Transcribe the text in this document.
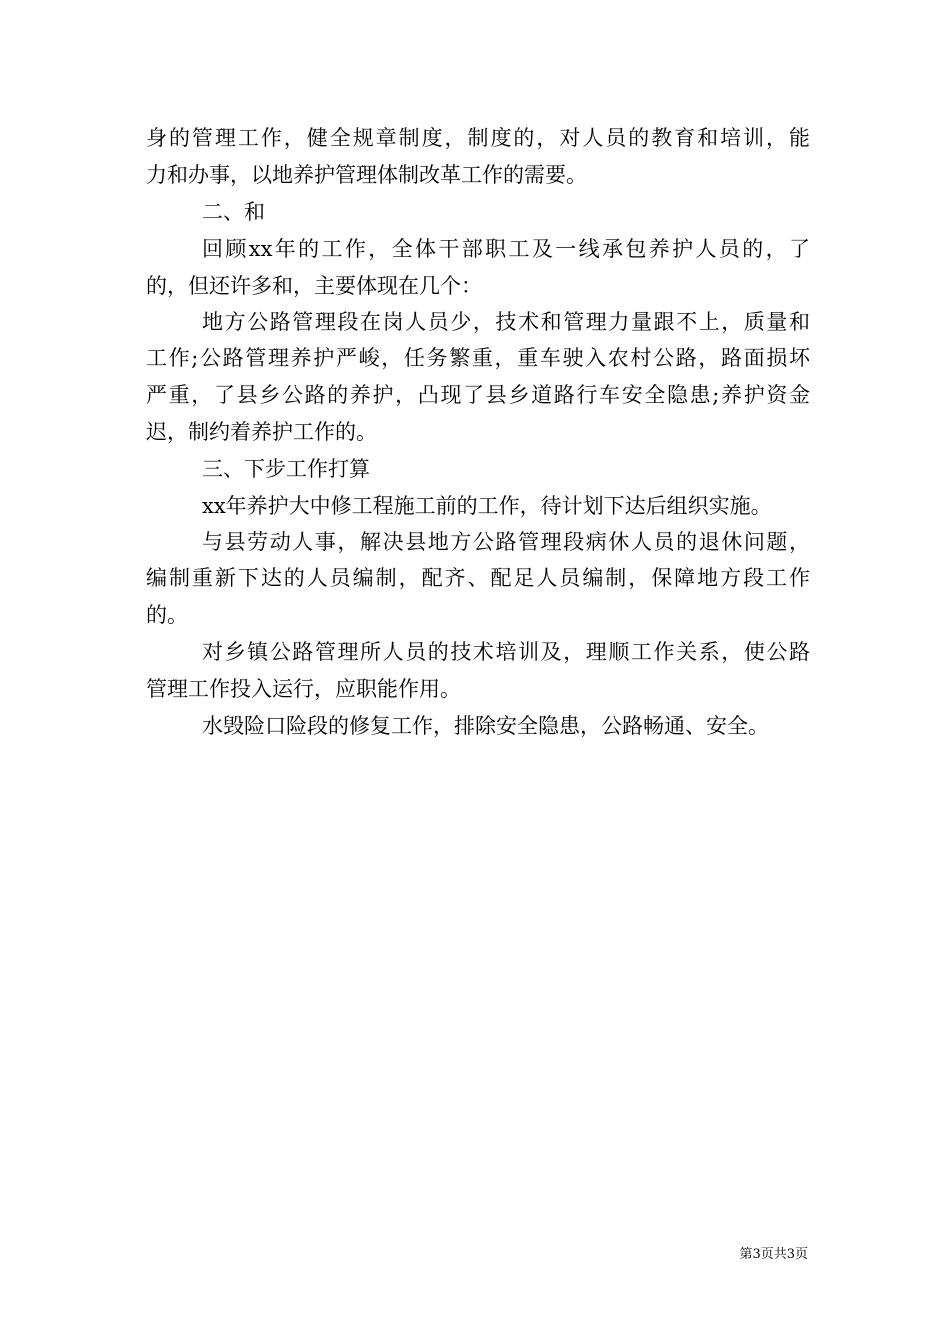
身的管理工作，健全规章制度，制度的，对人员的教育和培训，能
力和办事，以地养护管理体制改革工作的需要。
二、和
回顾xx年的工作，全体干部职工及一线承包养护人员的，了
的，但还许多和，主要体现在几个：
地方公路管理段在岗人员少，技术和管理力量跟不上，质量和
工作;公路管理养护严峻，任务繁重，重车驶入农村公路，路面损坏
严重，了县乡公路的养护，凸现了县乡道路行车安全隐患;养护资金
迟，制约着养护工作的。
三、下步工作打算
xx年养护大中修工程施工前的工作，待计划下达后组织实施。
与县劳动人事，解决县地方公路管理段病休人员的退休问题，
编制重新下达的人员编制，配齐、配足人员编制，保障地方段工作
的。
对乡镇公路管理所人员的技术培训及，理顺工作关系，使公路
管理工作投入运行，应职能作用。
水毁险口险段的修复工作，排除安全隐患，公路畅通、安全。
第3页共3页
